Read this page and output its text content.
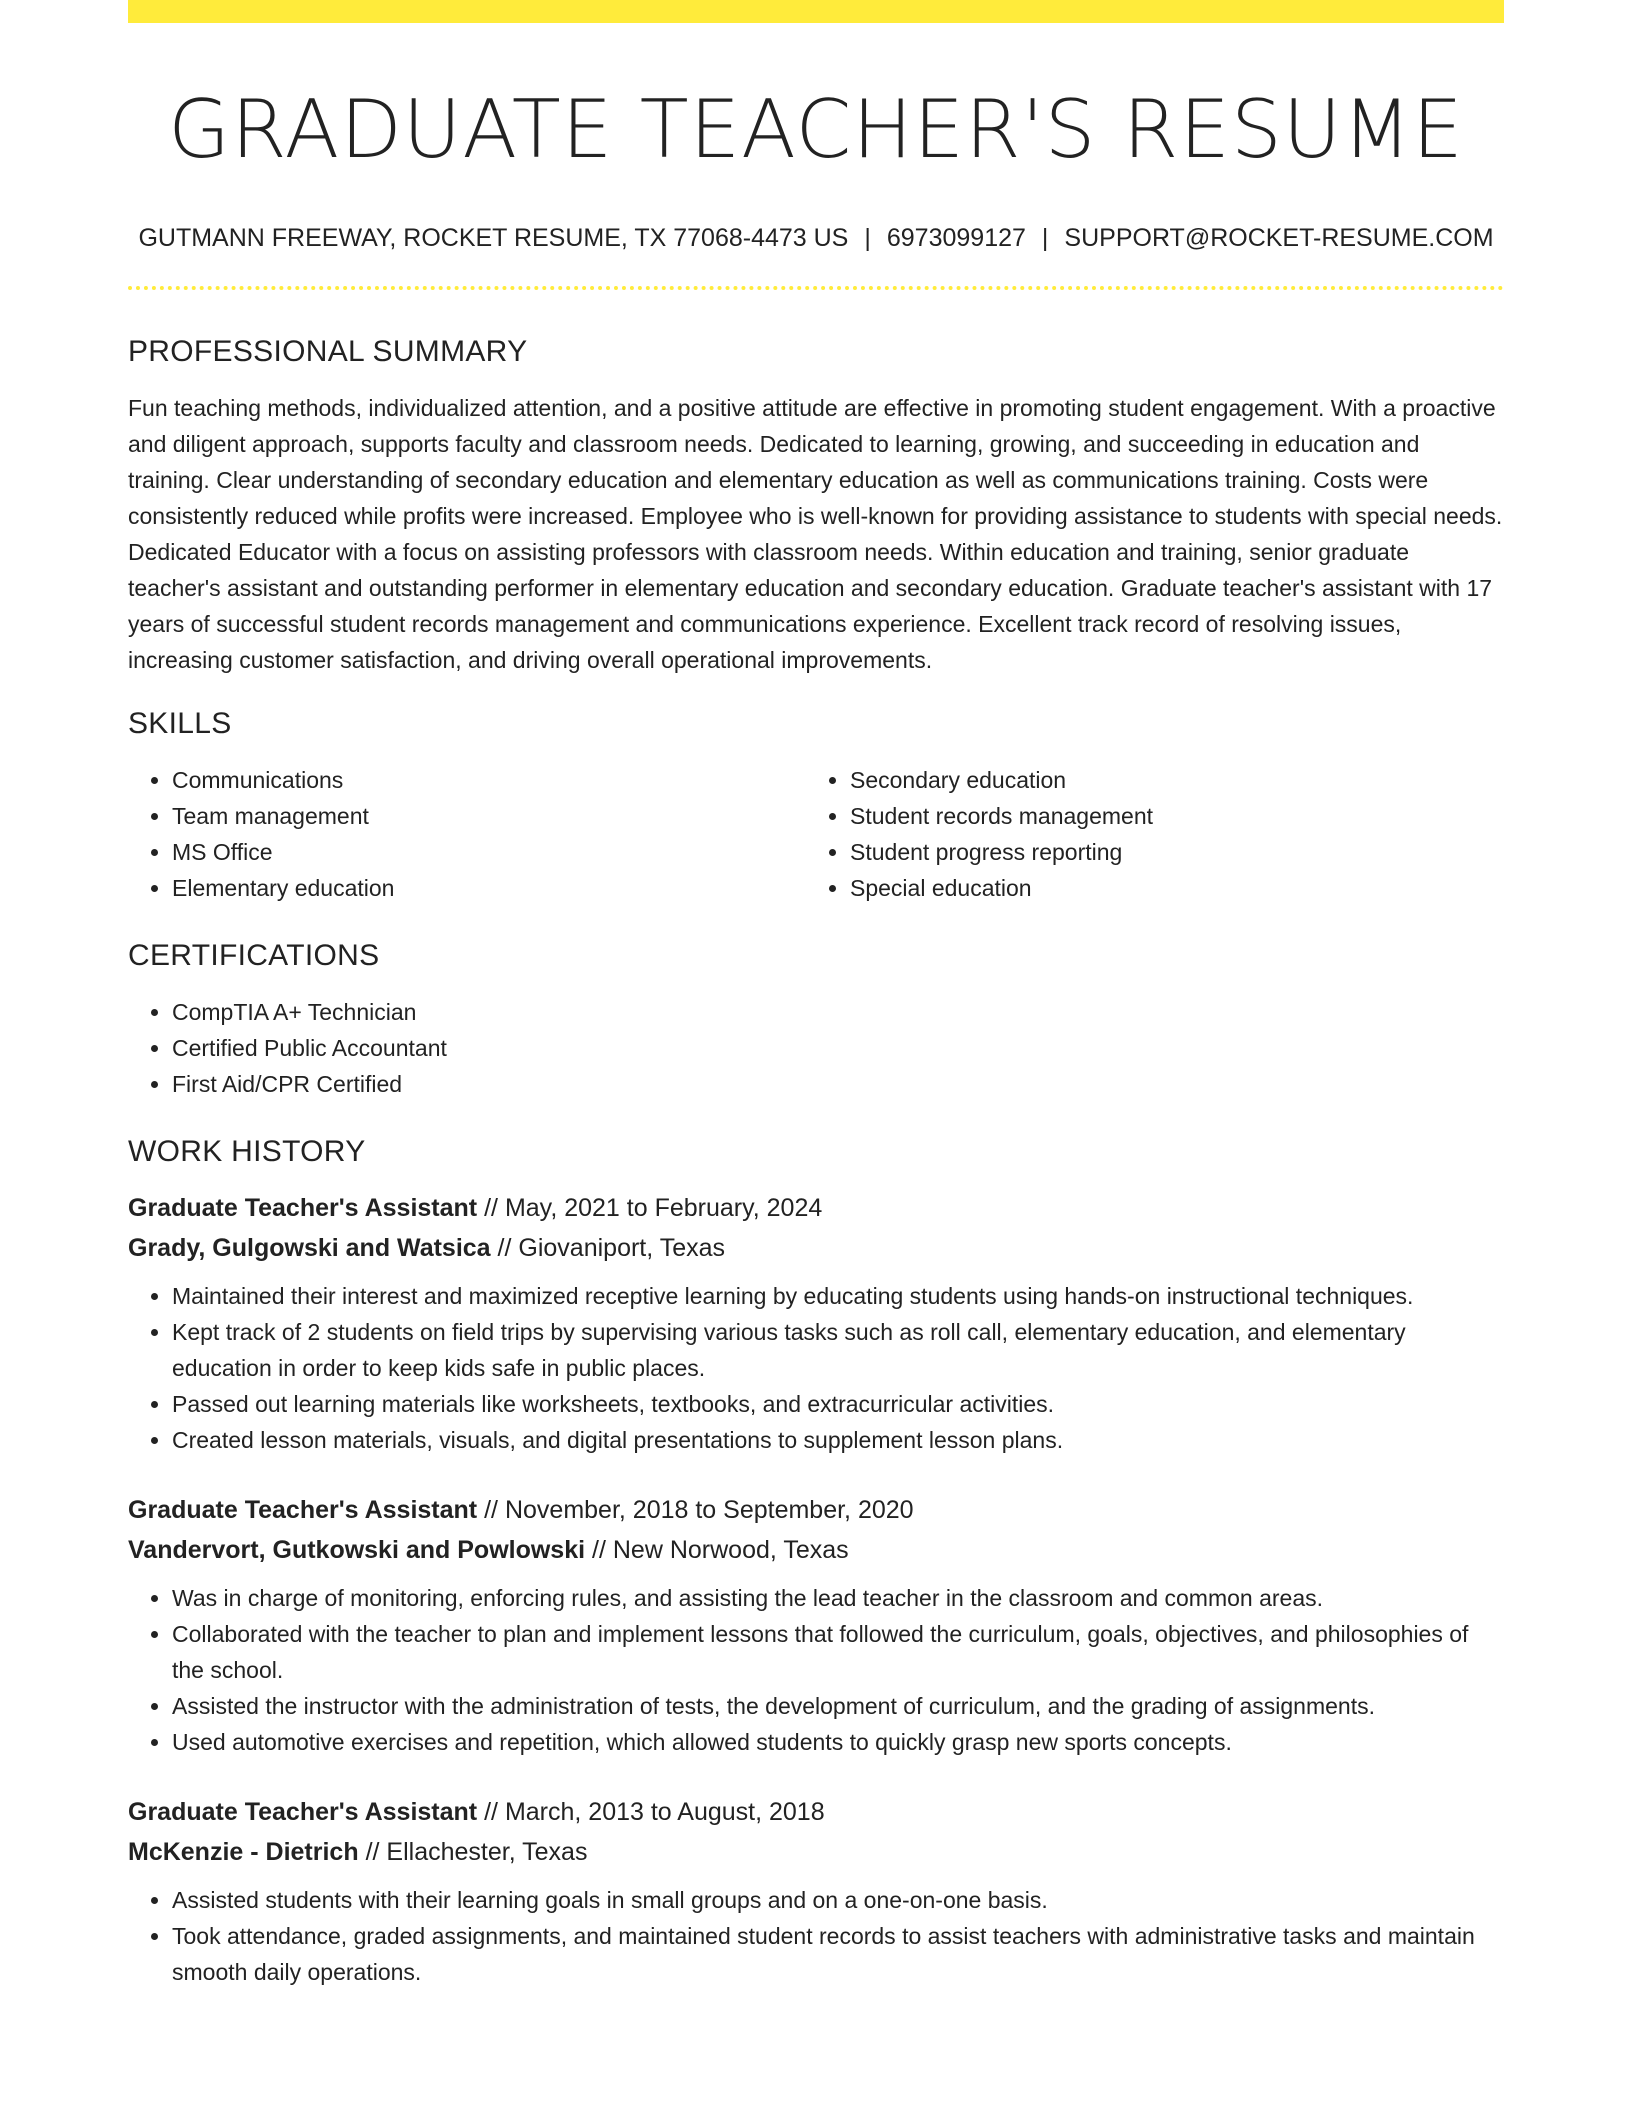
GRADUATE TEACHER'S RESUME
GUTMANN FREEWAY, ROCKET RESUME, TX 77068-4473 US | 6973099127 | SUPPORT@ROCKET-RESUME.COM
PROFESSIONAL SUMMARY

Fun teaching methods, individualized attention, and a positive attitude are effective in promoting student engagement. With a proactive and diligent approach, supports faculty and classroom needs. Dedicated to learning, growing, and succeeding in education and training. Clear understanding of secondary education and elementary education as well as communications training. Costs were consistently reduced while profits were increased. Employee who is well-known for providing assistance to students with special needs. Dedicated Educator with a focus on assisting professors with classroom needs. Within education and training, senior graduate teacher's assistant and outstanding performer in elementary education and secondary education. Graduate teacher's assistant with 17 years of successful student records management and communications experience. Excellent track record of resolving issues, increasing customer satisfaction, and driving overall operational improvements.

SKILLS
• Communications
• Team management
• MS Office
• Elementary education
• Secondary education
• Student records management
• Student progress reporting
• Special education
CERTIFICATIONS
• CompTIA A+ Technician
• Certified Public Accountant
• First Aid/CPR Certified
WORK HISTORY
Graduate Teacher's Assistant // May, 2021 to February, 2024
Grady, Gulgowski and Watsica // Giovaniport, Texas
• Maintained their interest and maximized receptive learning by educating students using hands-on instructional techniques.
• Kept track of 2 students on field trips by supervising various tasks such as roll call, elementary education, and elementary education in order to keep kids safe in public places.
• Passed out learning materials like worksheets, textbooks, and extracurricular activities.
• Created lesson materials, visuals, and digital presentations to supplement lesson plans.
Graduate Teacher's Assistant // November, 2018 to September, 2020
Vandervort, Gutkowski and Powlowski // New Norwood, Texas
• Was in charge of monitoring, enforcing rules, and assisting the lead teacher in the classroom and common areas.
• Collaborated with the teacher to plan and implement lessons that followed the curriculum, goals, objectives, and philosophies of the school.
• Assisted the instructor with the administration of tests, the development of curriculum, and the grading of assignments.
• Used automotive exercises and repetition, which allowed students to quickly grasp new sports concepts.
Graduate Teacher's Assistant // March, 2013 to August, 2018
McKenzie - Dietrich // Ellachester, Texas
• Assisted students with their learning goals in small groups and on a one-on-one basis.
• Took attendance, graded assignments, and maintained student records to assist teachers with administrative tasks and maintain smooth daily operations.
